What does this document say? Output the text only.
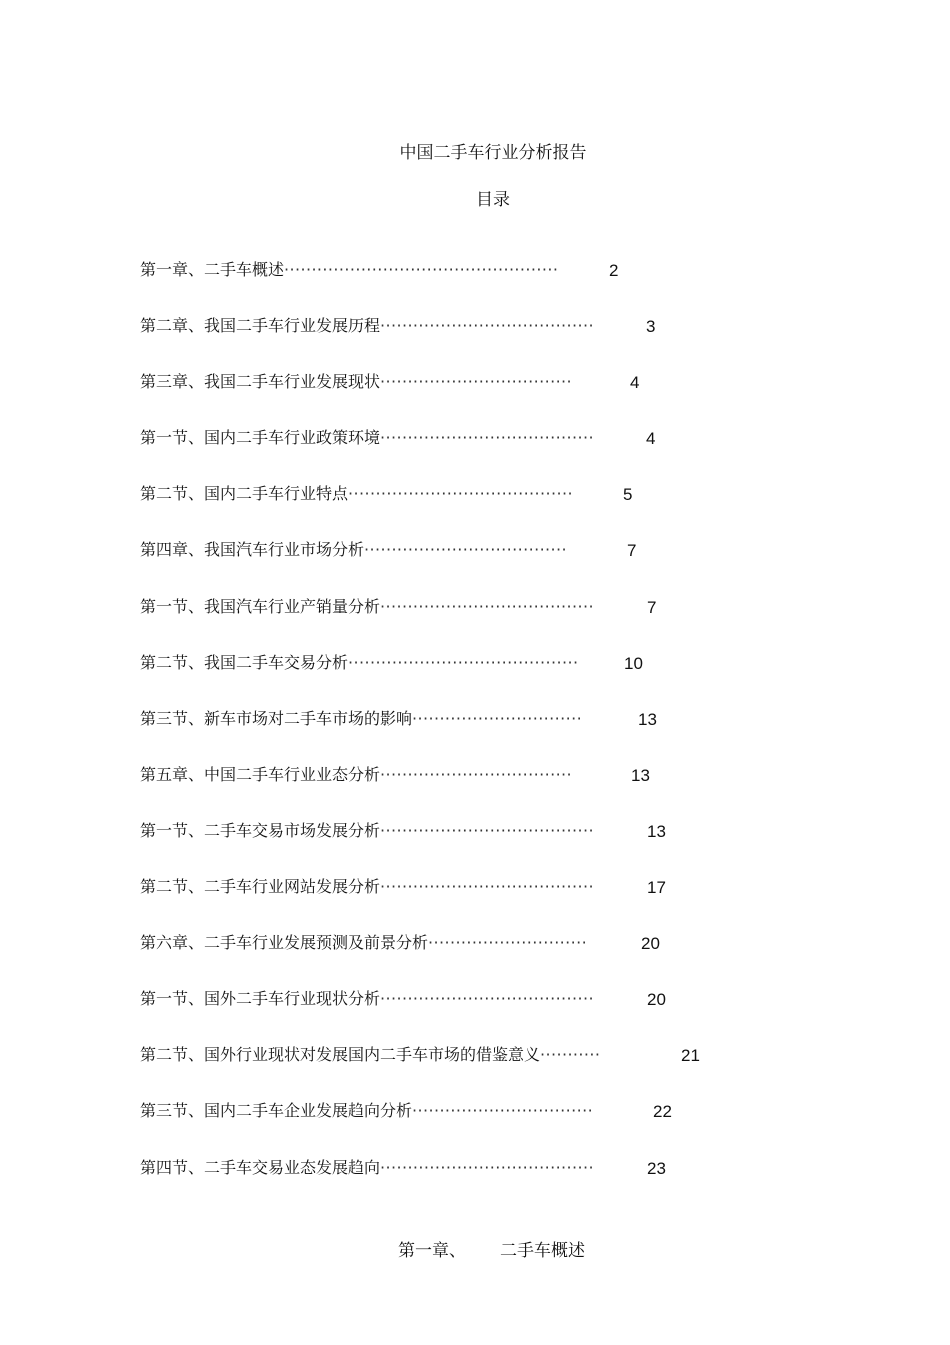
中国二手车行业分析报告
目录
第一章、二手车概述··················································	2
第二章、我国二手车行业发展历程·······································	3
第三章、我国二手车行业发展现状···································	4
第一节、国内二手车行业政策环境·······································	4
第二节、国内二手车行业特点·········································	5
第四章、我国汽车行业市场分析·····································	7
第一节、我国汽车行业产销量分析·······································	7
第二节、我国二手车交易分析··········································	10
第三节、新车市场对二手车市场的影响·······························	13
第五章、中国二手车行业业态分析···································	13
第一节、二手车交易市场发展分析·······································	13
第二节、二手车行业网站发展分析·······································	17
第六章、二手车行业发展预测及前景分析·····························	20
第一节、国外二手车行业现状分析·······································	20
第二节、国外行业现状对发展国内二手车市场的借鉴意义···········	21
第三节、国内二手车企业发展趋向分析·································	22
第四节、二手车交易业态发展趋向·······································	23
第一章、 二手车概述
